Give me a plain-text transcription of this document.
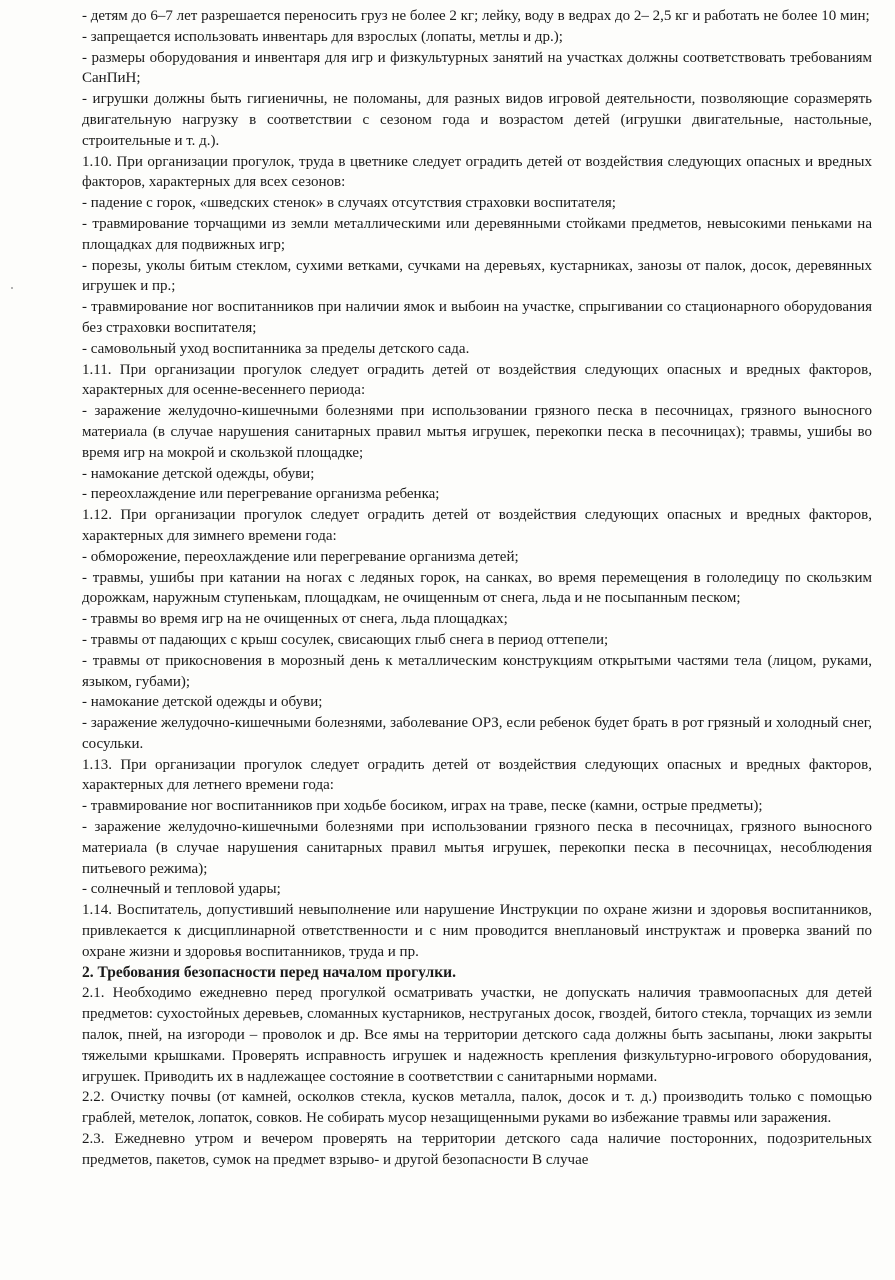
- детям до 6–7 лет разрешается переносить груз не более 2 кг; лейку, воду в ведрах до 2– 2,5 кг и работать не более 10 мин;

- запрещается использовать инвентарь для взрослых (лопаты, метлы и др.);

- размеры оборудования и инвентаря для игр и физкультурных занятий на участках должны соответствовать требованиям СанПиН;

- игрушки должны быть гигиеничны, не поломаны, для разных видов игровой деятельности, позволяющие соразмерять двигательную нагрузку в соответствии с сезоном года и возрастом детей (игрушки двигательные, настольные, строительные и т. д.).

1.10. При организации прогулок, труда в цветнике следует оградить детей от воздействия следующих опасных и вредных факторов, характерных для всех сезонов:

- падение с горок, «шведских стенок» в случаях отсутствия страховки воспитателя;

- травмирование торчащими из земли металлическими или деревянными стойками предметов, невысокими пеньками на площадках для подвижных игр;

- порезы, уколы битым стеклом, сухими ветками, сучками на деревьях, кустарниках, занозы от палок, досок, деревянных игрушек и пр.;

- травмирование ног воспитанников при наличии ямок и выбоин на участке, спрыгивании со стационарного оборудования без страховки воспитателя;

- самовольный уход воспитанника за пределы детского сада.

1.11. При организации прогулок следует оградить детей от воздействия следующих опасных и вредных факторов, характерных для осенне-весеннего периода:

- заражение желудочно-кишечными болезнями при использовании грязного песка в песочницах, грязного выносного материала (в случае нарушения санитарных правил мытья игрушек, перекопки песка в песочницах); травмы, ушибы во время игр на мокрой и скользкой площадке;

- намокание детской одежды, обуви;

- переохлаждение или перегревание организма ребенка;

1.12. При организации прогулок следует оградить детей от воздействия следующих опасных и вредных факторов, характерных для зимнего времени года:

- обморожение, переохлаждение или перегревание организма детей;

- травмы, ушибы при катании на ногах с ледяных горок, на санках, во время перемещения в гололедицу по скользким дорожкам, наружным ступенькам, площадкам, не очищенным от снега, льда и не посыпанным песком;

- травмы во время игр на не очищенных от снега, льда площадках;

- травмы от падающих с крыш сосулек, свисающих глыб снега в период оттепели;

- травмы от прикосновения в морозный день к металлическим конструкциям открытыми частями тела (лицом, руками, языком, губами);

- намокание детской одежды и обуви;

- заражение желудочно-кишечными болезнями, заболевание ОРЗ, если ребенок будет брать в рот грязный и холодный снег, сосульки.

1.13. При организации прогулок следует оградить детей от воздействия следующих опасных и вредных факторов, характерных для летнего времени года:

- травмирование ног воспитанников при ходьбе босиком, играх на траве, песке (камни, острые предметы);

- заражение желудочно-кишечными болезнями при использовании грязного песка в песочницах, грязного выносного материала (в случае нарушения санитарных правил мытья игрушек, перекопки песка в песочницах, несоблюдения питьевого режима);

- солнечный и тепловой удары;

1.14. Воспитатель, допустивший невыполнение или нарушение Инструкции по охране жизни и здоровья воспитанников, привлекается к дисциплинарной ответственности и с ним проводится внеплановый инструктаж и проверка званий по охране жизни и здоровья воспитанников, труда и пр.

2. Требования безопасности перед началом прогулки.

2.1. Необходимо ежедневно перед прогулкой осматривать участки, не допускать наличия травмоопасных для детей предметов: сухостойных деревьев, сломанных кустарников, неструганых досок, гвоздей, битого стекла, торчащих из земли палок, пней, на изгороди – проволок и др. Все ямы на территории детского сада должны быть засыпаны, люки закрыты тяжелыми крышками. Проверять исправность игрушек и надежность крепления физкультурно-игрового оборудования, игрушек. Приводить их в надлежащее состояние в соответствии с санитарными нормами.

2.2. Очистку почвы (от камней, осколков стекла, кусков металла, палок, досок и т. д.) производить только с помощью граблей, метелок, лопаток, совков. Не собирать мусор незащищенными руками во избежание травмы или заражения.

2.3. Ежедневно утром и вечером проверять на территории детского сада наличие посторонних, подозрительных предметов, пакетов, сумок на предмет взрыво- и другой безопасности В случае
